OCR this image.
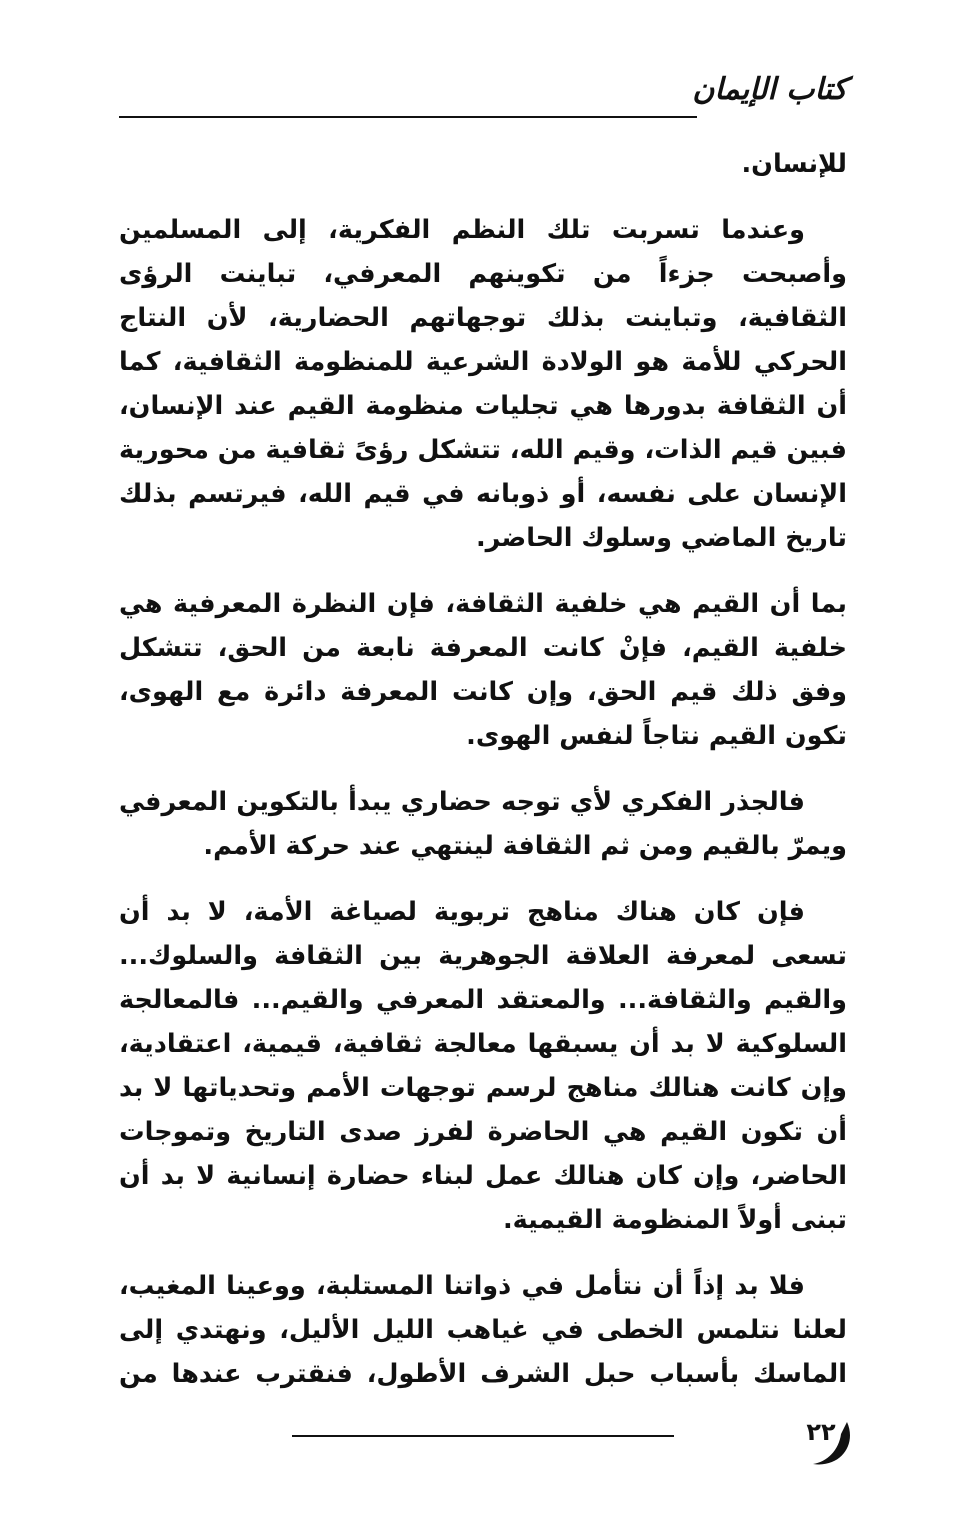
كتاب الإيمان

للإنسان.

وعندما تسربت تلك النظم الفكرية، إلى المسلمين وأصبحت جزءاً من تكوينهم المعرفي، تباينت الرؤى الثقافية، وتباينت بذلك توجهاتهم الحضارية، لأن النتاج الحركي للأمة هو الولادة الشرعية للمنظومة الثقافية، كما أن الثقافة بدورها هي تجليات منظومة القيم عند الإنسان، فبين قيم الذات، وقيم الله، تتشكل رؤىً ثقافية من محورية الإنسان على نفسه، أو ذوبانه في قيم الله، فيرتسم بذلك تاريخ الماضي وسلوك الحاضر.

بما أن القيم هي خلفية الثقافة، فإن النظرة المعرفية هي خلفية القيم، فإنْ كانت المعرفة نابعة من الحق، تتشكل وفق ذلك قيم الحق، وإن كانت المعرفة دائرة مع الهوى، تكون القيم نتاجاً لنفس الهوى.

فالجذر الفكري لأي توجه حضاري يبدأ بالتكوين المعرفي ويمرّ بالقيم ومن ثم الثقافة لينتهي عند حركة الأمم.

فإن كان هناك مناهج تربوية لصياغة الأمة، لا بد أن تسعى لمعرفة العلاقة الجوهرية بين الثقافة والسلوك... والقيم والثقافة... والمعتقد المعرفي والقيم... فالمعالجة السلوكية لا بد أن يسبقها معالجة ثقافية، قيمية، اعتقادية، وإن كانت هنالك مناهج لرسم توجهات الأمم وتحدياتها لا بد أن تكون القيم هي الحاضرة لفرز صدى التاريخ وتموجات الحاضر، وإن كان هنالك عمل لبناء حضارة إنسانية لا بد أن تبنى أولاً المنظومة القيمية.

فلا بد إذاً أن نتأمل في ذواتنا المستلبة، ووعينا المغيب، لعلنا نتلمس الخطى في غياهب الليل الأليل، ونهتدي إلى الماسك بأسباب حبل الشرف الأطول، فنقترب عندها من

٢٢
